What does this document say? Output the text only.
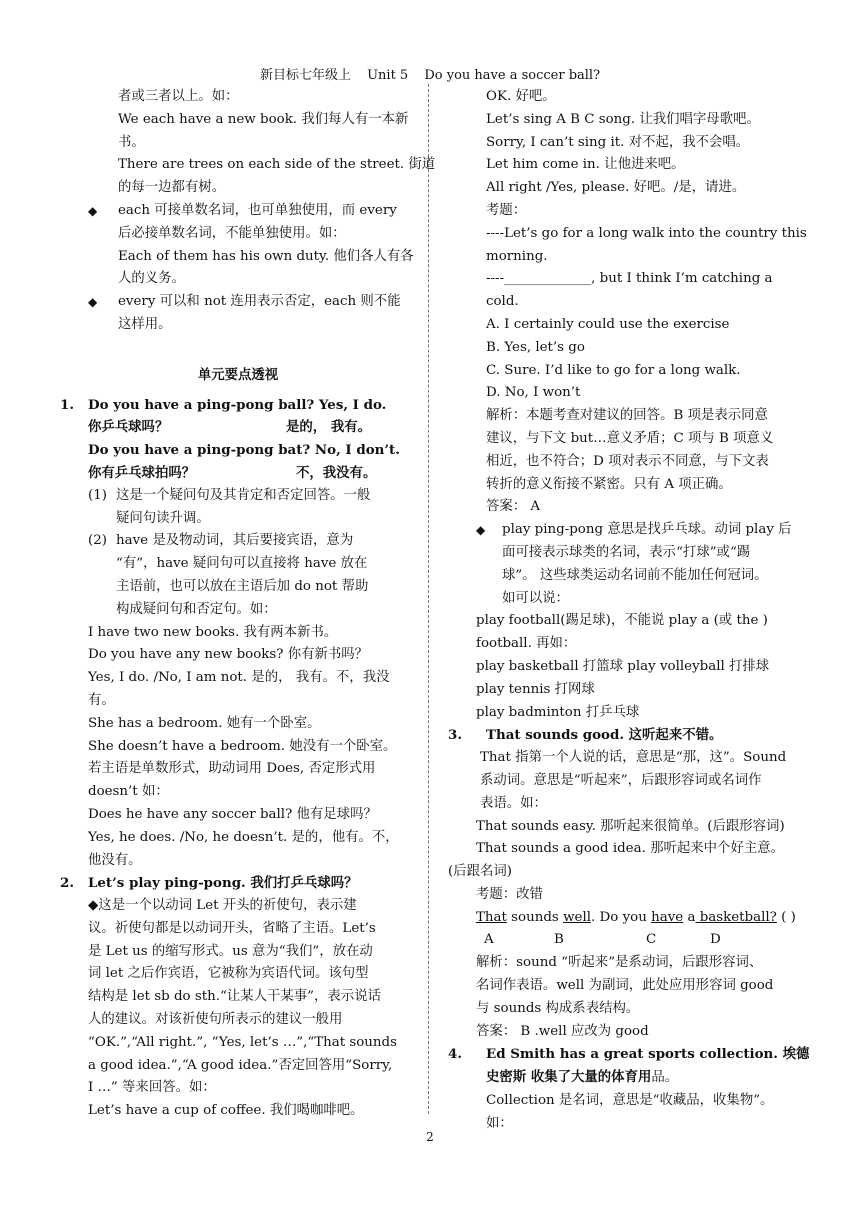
新目标七年级上 Unit 5 Do you have a soccer ball?
者或三者以上。如：
We each have a new book. 我们每人有一本新
书。
There are trees on each side of the street. 街道
的每一边都有树。
◆ each 可接单数名词，也可单独使用，而 every
后必接单数名词，不能单独使用。如：
Each of them has his own duty. 他们各人有各
人的义务。
◆ every 可以和 not 连用表示否定，each 则不能
这样用。
单元要点透视
1. Do you have a ping-pong ball? Yes, I do.
你乒乓球吗？	是的， 我有。
Do you have a ping-pong bat? No, I don’t.
你有乒乓球拍吗？	不，我没有。
(1) 这是一个疑问句及其肯定和否定回答。一般
疑问句读升调。
(2) have 是及物动词，其后要接宾语，意为
“有”，have 疑问句可以直接将 have 放在
主语前，也可以放在主语后加 do not 帮助
构成疑问句和否定句。如：
I have two new books. 我有两本新书。
Do you have any new books? 你有新书吗？
Yes, I do. /No, I am not. 是的， 我有。不，我没
有。
She has a bedroom. 她有一个卧室。
She doesn’t have a bedroom. 她没有一个卧室。
若主语是单数形式，助动词用 Does, 否定形式用
doesn’t 如：
Does he have any soccer ball? 他有足球吗？
Yes, he does. /No, he doesn’t. 是的，他有。不，
他没有。
2. Let’s play ping-pong. 我们打乒乓球吗？
◆这是一个以动词 Let 开头的祈使句，表示建
议。祈使句都是以动词开头，省略了主语。Let’s
是 Let us 的缩写形式。us 意为“我们”，放在动
词 let 之后作宾语，它被称为宾语代词。该句型
结构是 let sb do sth.“让某人干某事”，表示说话
人的建议。对该祈使句所表示的建议一般用
“OK.”,“All right.”, “Yes, let’s …”,“That sounds
a good idea.”,“A good idea.”否定回答用“Sorry,
I …” 等来回答。如：
Let’s have a cup of coffee. 我们喝咖啡吧。
OK. 好吧。
Let’s sing A B C song. 让我们唱字母歌吧。
Sorry, I can’t sing it. 对不起，我不会唱。
Let him come in. 让他进来吧。
All right /Yes, please. 好吧。/是，请进。
考题：
----Let’s go for a long walk into the country this
morning.
----_____________, but I think I’m catching a
cold.
A. I certainly could use the exercise
B. Yes, let’s go
C. Sure. I’d like to go for a long walk.
D. No, I won’t
解析：本题考查对建议的回答。B 项是表示同意
建议，与下文 but…意义矛盾；C 项与 B 项意义
相近，也不符合；D 项对表示不同意，与下文表
转折的意义衔接不紧密。只有 A 项正确。
答案： A
◆ play ping-pong 意思是找乒乓球。动词 play 后
面可接表示球类的名词，表示“打球”或“踢
球”。 这些球类运动名词前不能加任何冠词。
如可以说：
play football(踢足球)，不能说 play a (或 the )
football. 再如：
play basketball 打篮球 play volleyball 打排球
play tennis 打网球
play badminton 打乒乓球
3. That sounds good. 这听起来不错。
That 指第一个人说的话，意思是“那，这”。Sound
系动词。意思是“听起来”，后跟形容词或名词作
表语。如：
That sounds easy. 那听起来很简单。(后跟形容词)
That sounds a good idea. 那听起来中个好主意。
(后跟名词)
考题：改错
That sounds well. Do you have a basketball? ( )
A	B	C	D

解析：sound “听起来”是系动词，后跟形容词、
名词作表语。well 为副词，此处应用形容词 good
与 sounds 构成系表结构。
答案： B .well 应改为 good
4. Ed Smith has a great sports collection. 埃德
史密斯 收集了大量的体育用品。
Collection 是名词，意思是“收藏品，收集物”。
如：
2
